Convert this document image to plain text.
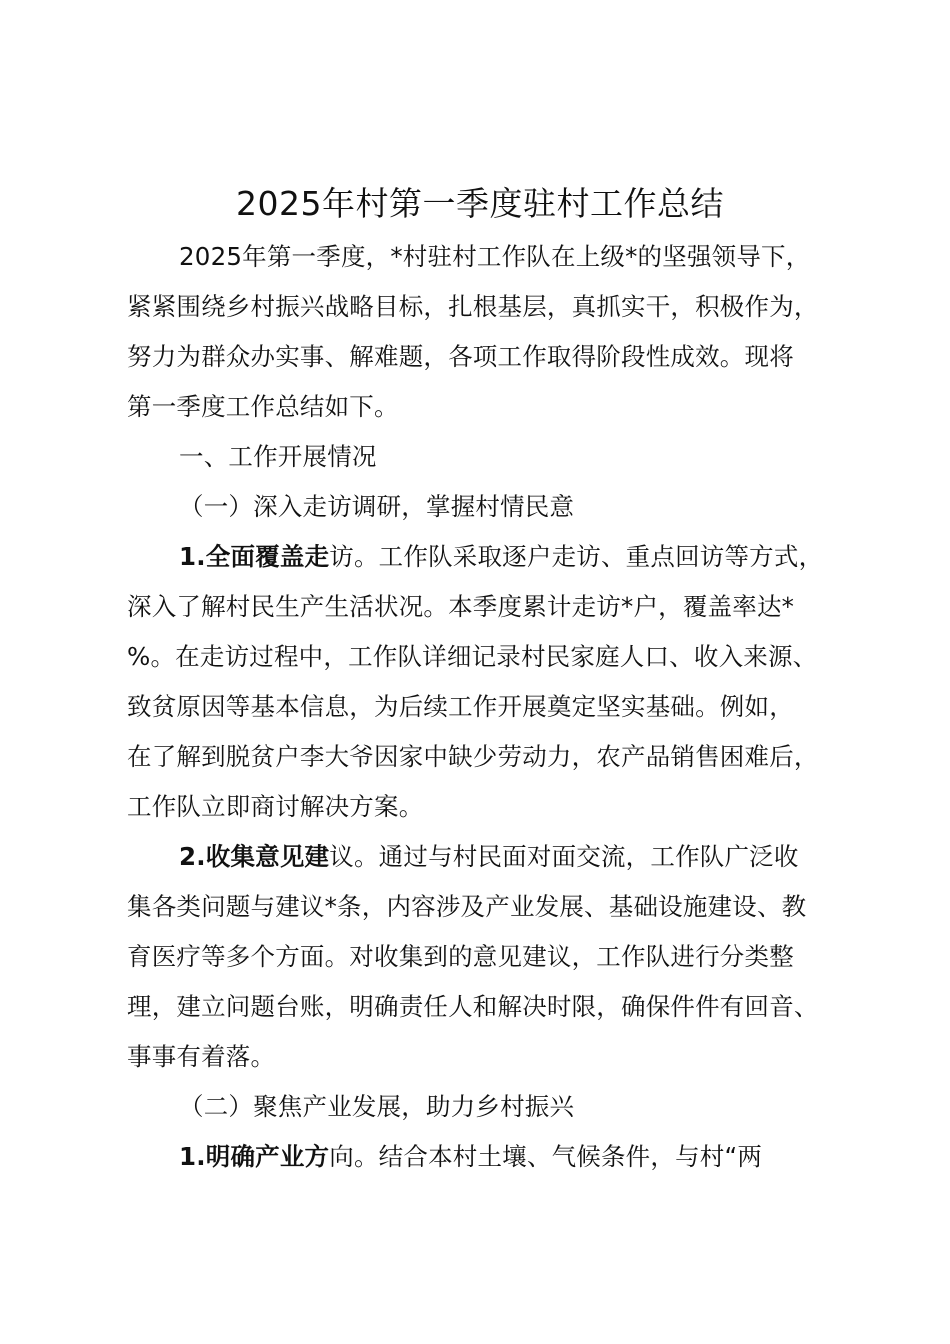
2025年村第一季度驻村工作总结
2025年第一季度，*村驻村工作队在上级*的坚强领导下，
紧紧围绕乡村振兴战略目标，扎根基层，真抓实干，积极作为，
努力为群众办实事、解难题，各项工作取得阶段性成效。现将
第一季度工作总结如下。
一、工作开展情况
（一）深入走访调研，掌握村情民意
1.全面覆盖走访。工作队采取逐户走访、重点回访等方式，
深入了解村民生产生活状况。本季度累计走访*户，覆盖率达*
%。在走访过程中，工作队详细记录村民家庭人口、收入来源、
致贫原因等基本信息，为后续工作开展奠定坚实基础。例如，
在了解到脱贫户李大爷因家中缺少劳动力，农产品销售困难后，
工作队立即商讨解决方案。
2.收集意见建议。通过与村民面对面交流，工作队广泛收
集各类问题与建议*条，内容涉及产业发展、基础设施建设、教
育医疗等多个方面。对收集到的意见建议，工作队进行分类整
理，建立问题台账，明确责任人和解决时限，确保件件有回音、
事事有着落。
（二）聚焦产业发展，助力乡村振兴
1.明确产业方向。结合本村土壤、气候条件，与村“两
